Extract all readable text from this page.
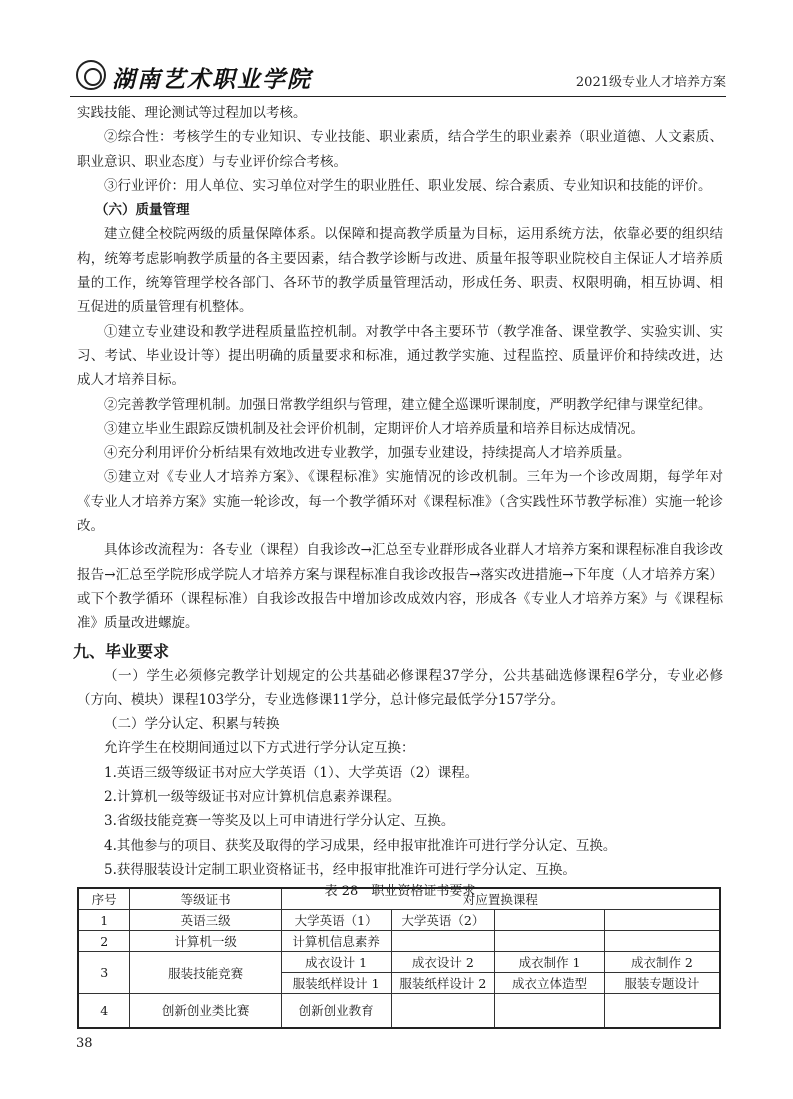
湖南艺术职业学院	2021级专业人才培养方案

实践技能、理论测试等过程加以考核。

②综合性：考核学生的专业知识、专业技能、职业素质，结合学生的职业素养（职业道德、人文素质、职业意识、职业态度）与专业评价综合考核。

③行业评价：用人单位、实习单位对学生的职业胜任、职业发展、综合素质、专业知识和技能的评价。

（六）质量管理

建立健全校院两级的质量保障体系。以保障和提高教学质量为目标，运用系统方法，依靠必要的组织结构，统筹考虑影响教学质量的各主要因素，结合教学诊断与改进、质量年报等职业院校自主保证人才培养质量的工作，统筹管理学校各部门、各环节的教学质量管理活动，形成任务、职责、权限明确，相互协调、相互促进的质量管理有机整体。

①建立专业建设和教学进程质量监控机制。对教学中各主要环节（教学准备、课堂教学、实验实训、实习、考试、毕业设计等）提出明确的质量要求和标准，通过教学实施、过程监控、质量评价和持续改进，达成人才培养目标。

②完善教学管理机制。加强日常教学组织与管理，建立健全巡课听课制度，严明教学纪律与课堂纪律。

③建立毕业生跟踪反馈机制及社会评价机制，定期评价人才培养质量和培养目标达成情况。

④充分利用评价分析结果有效地改进专业教学，加强专业建设，持续提高人才培养质量。

⑤建立对《专业人才培养方案》、《课程标准》实施情况的诊改机制。三年为一个诊改周期，每学年对《专业人才培养方案》实施一轮诊改，每一个教学循环对《课程标准》（含实践性环节教学标准）实施一轮诊改。

具体诊改流程为：各专业（课程）自我诊改→汇总至专业群形成各业群人才培养方案和课程标准自我诊改报告→汇总至学院形成学院人才培养方案与课程标准自我诊改报告→落实改进措施→下年度（人才培养方案）或下个教学循环（课程标准）自我诊改报告中增加诊改成效内容，形成各《专业人才培养方案》与《课程标准》质量改进螺旋。

九、毕业要求

（一）学生必须修完教学计划规定的公共基础必修课程37学分，公共基础选修课程6学分，专业必修（方向、模块）课程103学分，专业选修课11学分，总计修完最低学分157学分。

（二）学分认定、积累与转换

允许学生在校期间通过以下方式进行学分认定互换：

1.英语三级等级证书对应大学英语（1）、大学英语（2）课程。

2.计算机一级等级证书对应计算机信息素养课程。

3.省级技能竞赛一等奖及以上可申请进行学分认定、互换。

4.其他参与的项目、获奖及取得的学习成果，经申报审批准许可进行学分认定、互换。

5.获得服装设计定制工职业资格证书，经申报审批准许可进行学分认定、互换。

表 28　职业资格证书要求

序号	等级证书	对应置换课程			
1	英语三级	大学英语（1）	大学英语（2）		
2	计算机一级	计算机信息素养			
3	服装技能竞赛	成衣设计 1	成衣设计 2	成衣制作 1	成衣制作 2
		服装纸样设计 1	服装纸样设计 2	成衣立体造型	服装专题设计
4	创新创业类比赛	创新创业教育			
38
